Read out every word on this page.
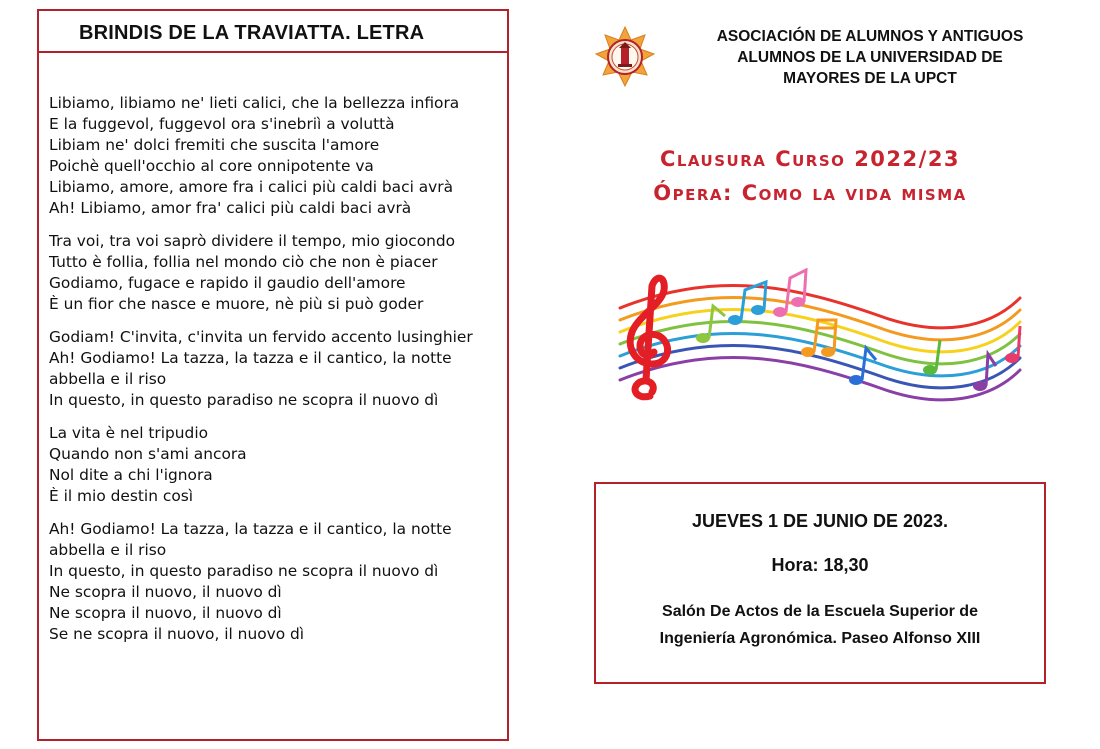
BRINDIS DE LA TRAVIATTA. LETRA
Libiamo, libiamo ne' lieti calici, che la bellezza infiora
E la fuggevol, fuggevol ora s'inebriì a voluttà
Libiam ne' dolci fremiti che suscita l'amore
Poichè quell'occhio al core onnipotente va
Libiamo, amore, amore fra i calici più caldi baci avrà
Ah! Libiamo, amor fra' calici più caldi baci avrà
Tra voi, tra voi saprò dividere il tempo, mio giocondo
Tutto è follia, follia nel mondo ciò che non è piacer
Godiamo, fugace e rapido il gaudio dell'amore
È un fior che nasce e muore, nè più si può goder
Godiam! C'invita, c'invita un fervido accento lusinghier
Ah! Godiamo! La tazza, la tazza e il cantico, la notte abbella e il riso
In questo, in questo paradiso ne scopra il nuovo dì
La vita è nel tripudio
Quando non s'ami ancora
Nol dite a chi l'ignora
È il mio destin così
Ah! Godiamo! La tazza, la tazza e il cantico, la notte abbella e il riso
In questo, in questo paradiso ne scopra il nuovo dì
Ne scopra il nuovo, il nuovo dì
Ne scopra il nuovo, il nuovo dì
Se ne scopra il nuovo, il nuovo dì

ASOCIACIÓN DE ALUMNOS Y ANTIGUOS
ALUMNOS DE LA UNIVERSIDAD DE
MAYORES DE LA UPCT

Clausura Curso 2022/23
Ópera: Como la vida misma
JUEVES 1 DE JUNIO DE 2023.
Hora: 18,30
Salón De Actos de la Escuela Superior de
Ingeniería Agronómica. Paseo Alfonso XIII
